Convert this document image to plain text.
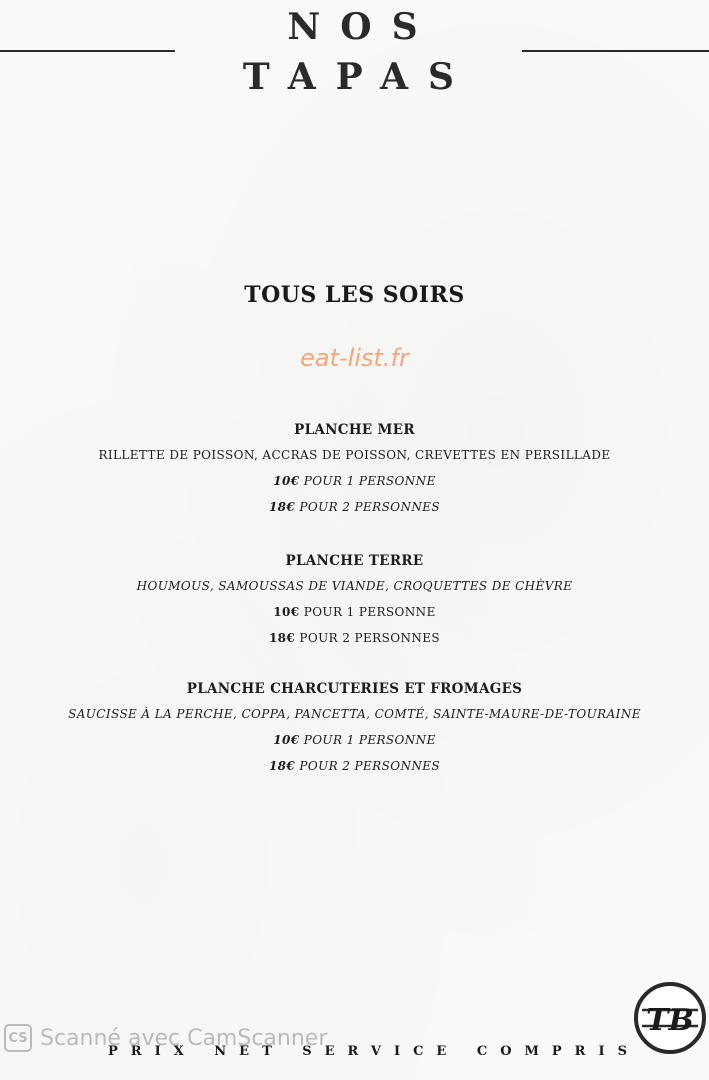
NOS
TAPAS
TOUS LES SOIRS
eat-list.fr
PLANCHE MER
RILLETTE DE POISSON, ACCRAS DE POISSON, CREVETTES EN PERSILLADE
10€ POUR 1 PERSONNE
18€ POUR 2 PERSONNES
PLANCHE TERRE
HOUMOUS, SAMOUSSAS DE VIANDE, CROQUETTES DE CHÈVRE
10€ POUR 1 PERSONNE
18€ POUR 2 PERSONNES
PLANCHE CHARCUTERIES ET FROMAGES
SAUCISSE À LA PERCHE, COPPA, PANCETTA, COMTÉ, SAINTE-MAURE-DE-TOURAINE
10€ POUR 1 PERSONNE
18€ POUR 2 PERSONNES
CS Scanné avec CamScanner
PRIX NET SERVICE COMPRIS
TB
